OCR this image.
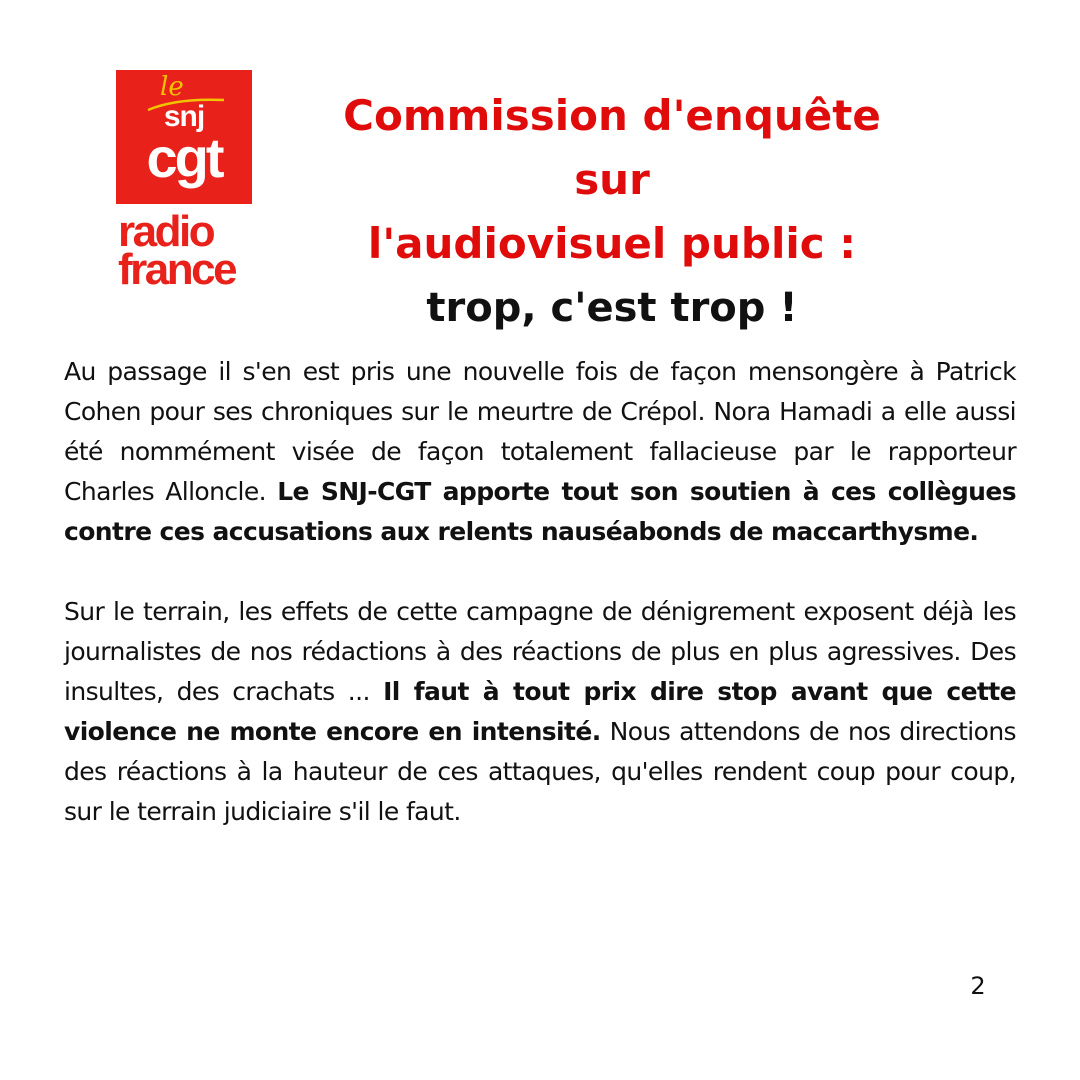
le
snj
cgt
radio
france
Commission d'enquête sur
l'audiovisuel public :
trop, c'est trop !

Au passage il s'en est pris une nouvelle fois de façon mensongère à Patrick Cohen pour ses chroniques sur le meurtre de Crépol. Nora Hamadi a elle aussi été nommément visée de façon totalement fallacieuse par le rapporteur Charles Alloncle. Le SNJ-CGT apporte tout son soutien à ces collègues contre ces accusations aux relents nauséabonds de maccarthysme.

Sur le terrain, les effets de cette campagne de dénigrement exposent déjà les journalistes de nos rédactions à des réactions de plus en plus agressives. Des insultes, des crachats ... Il faut à tout prix dire stop avant que cette violence ne monte encore en intensité. Nous attendons de nos directions des réactions à la hauteur de ces attaques, qu'elles rendent coup pour coup, sur le terrain judiciaire s'il le faut.

2
